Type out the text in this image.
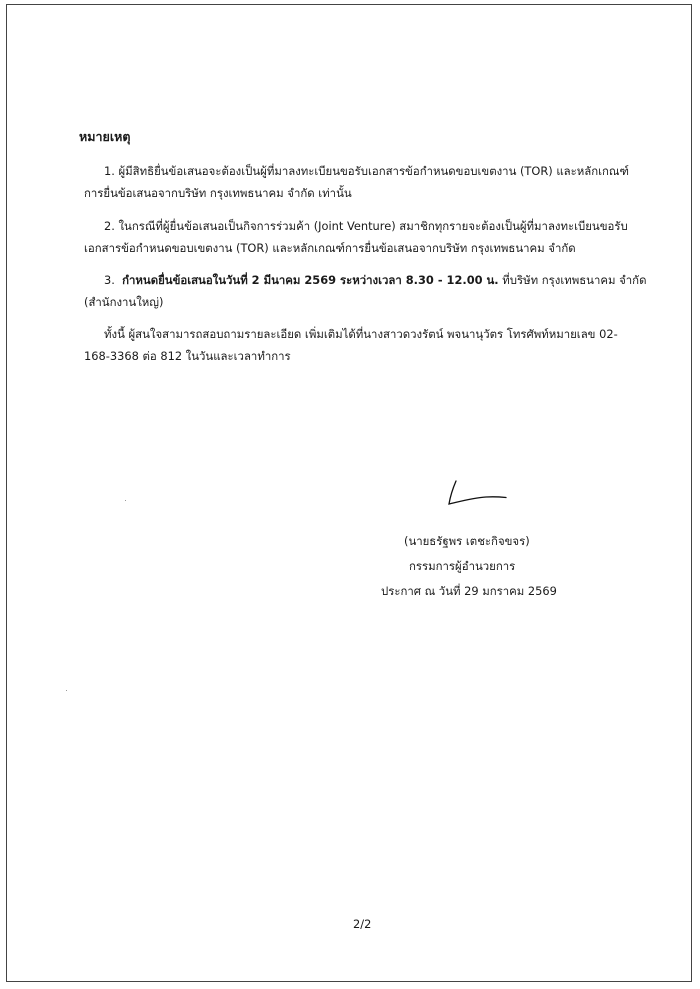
หมายเหตุ

1. ผู้มีสิทธิยื่นข้อเสนอจะต้องเป็นผู้ที่มาลงทะเบียนขอรับเอกสารข้อกำหนดขอบเขตงาน (TOR) และหลักเกณฑ์
การยื่นข้อเสนอจากบริษัท กรุงเทพธนาคม จำกัด เท่านั้น

2. ในกรณีที่ผู้ยื่นข้อเสนอเป็นกิจการร่วมค้า (Joint Venture) สมาชิกทุกรายจะต้องเป็นผู้ที่มาลงทะเบียนขอรับ
เอกสารข้อกำหนดขอบเขตงาน (TOR) และหลักเกณฑ์การยื่นข้อเสนอจากบริษัท กรุงเทพธนาคม จำกัด

3. กำหนดยื่นข้อเสนอในวันที่ 2 มีนาคม 2569 ระหว่างเวลา 8.30 - 12.00 น. ที่บริษัท กรุงเทพธนาคม จำกัด
(สำนักงานใหญ่)

ทั้งนี้ ผู้สนใจสามารถสอบถามรายละเอียด เพิ่มเติมได้ที่นางสาวดวงรัตน์ พจนานุวัตร โทรศัพท์หมายเลข 02-
168-3368 ต่อ 812 ในวันและเวลาทำการ

(นายธรัฐพร เตชะกิจขจร)
กรรมการผู้อำนวยการ
ประกาศ ณ วันที่ 29 มกราคม 2569
2/2
